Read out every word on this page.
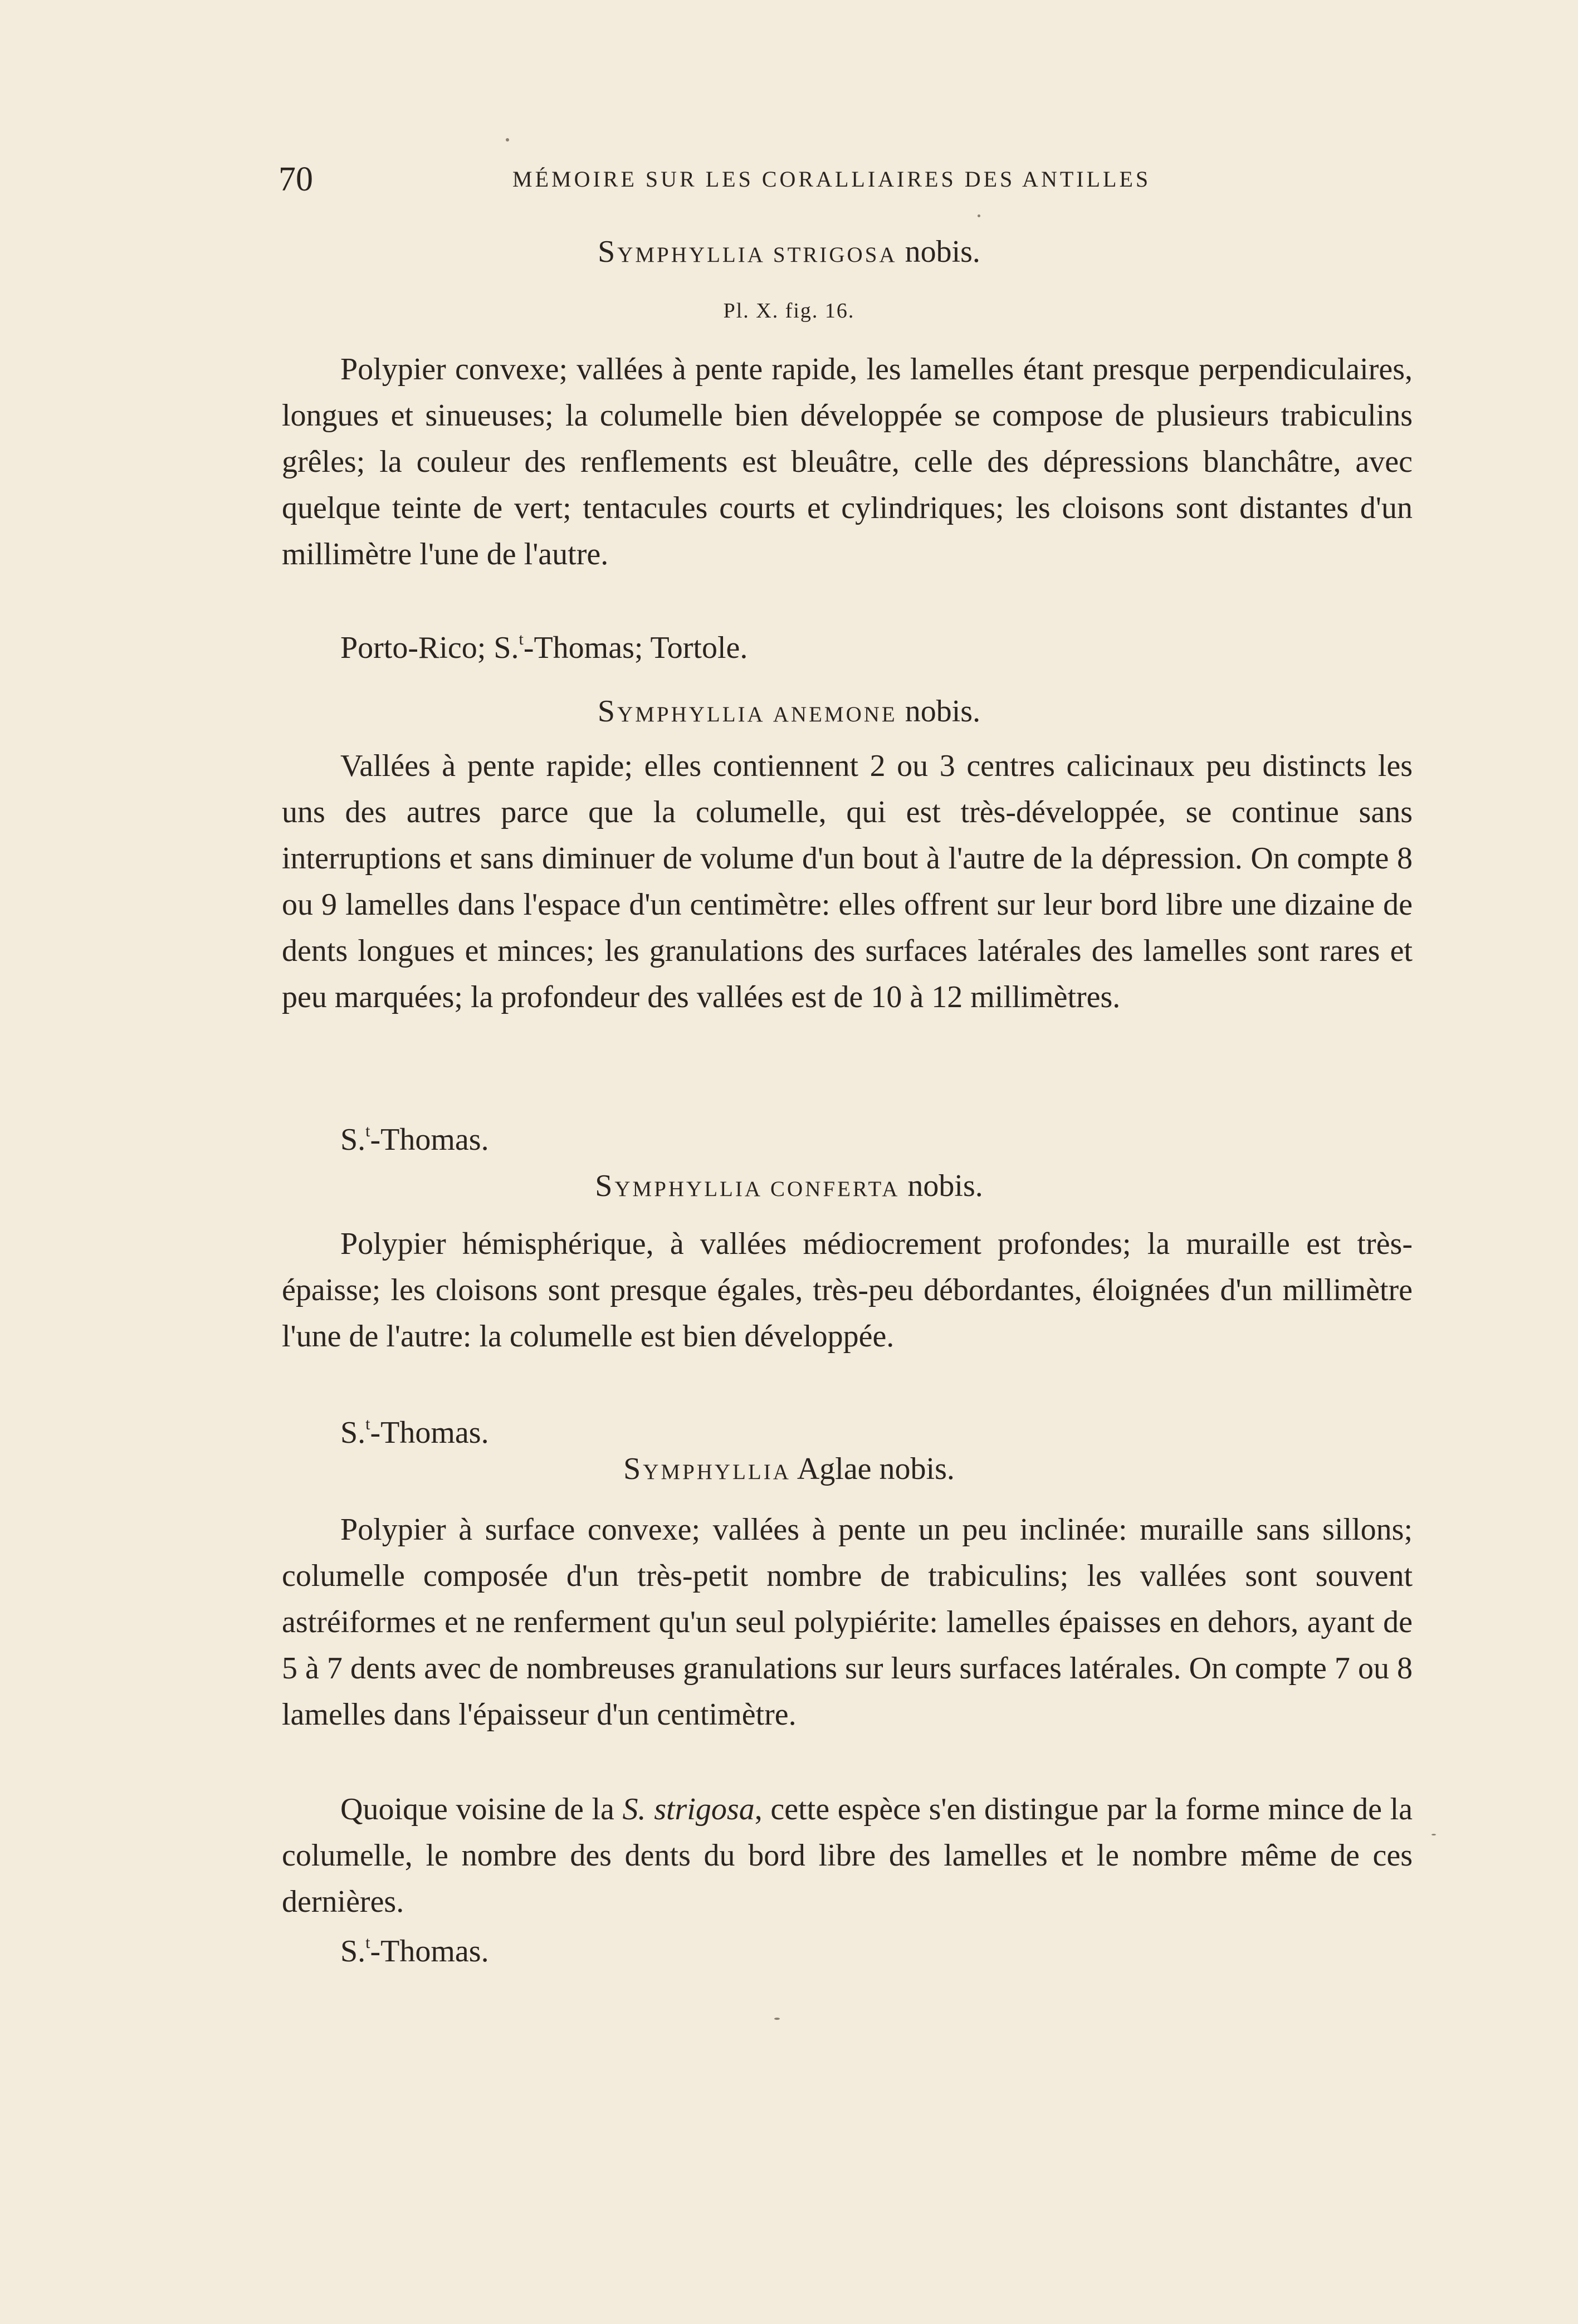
70	MÉMOIRE SUR LES CORALLIAIRES DES ANTILLES
Symphyllia strigosa nobis.
Pl. X. fig. 16.
Polypier convexe; vallées à pente rapide, les lamelles étant presque perpendiculaires, longues et sinueuses; la columelle bien développée se compose de plusieurs trabiculins grêles; la couleur des renflements est bleuâtre, celle des dépressions blanchâtre, avec quelque teinte de vert; tentacules courts et cylindriques; les cloisons sont distantes d'un millimètre l'une de l'autre.
Porto-Rico; S.$^t$-Thomas; Tortole.
Symphyllia anemone nobis.
Vallées à pente rapide; elles contiennent 2 ou 3 centres calicinaux peu distincts les uns des autres parce que la columelle, qui est très-développée, se continue sans interruptions et sans diminuer de volume d'un bout à l'autre de la dépression. On compte 8 ou 9 lamelles dans l'espace d'un centimètre: elles offrent sur leur bord libre une dizaine de dents longues et minces; les granulations des surfaces latérales des lamelles sont rares et peu marquées; la profondeur des vallées est de 10 à 12 millimètres.
S.$^t$-Thomas.
Symphyllia conferta nobis.
Polypier hémisphérique, à vallées médiocrement profondes; la muraille est très-épaisse; les cloisons sont presque égales, très-peu débordantes, éloignées d'un millimètre l'une de l'autre: la columelle est bien développée.
S.$^t$-Thomas.
Symphyllia Aglae nobis.
Polypier à surface convexe; vallées à pente un peu inclinée: muraille sans sillons; columelle composée d'un très-petit nombre de trabiculins; les vallées sont souvent astréiformes et ne renferment qu'un seul polypiérite: lamelles épaisses en dehors, ayant de 5 à 7 dents avec de nombreuses granulations sur leurs surfaces latérales. On compte 7 ou 8 lamelles dans l'épaisseur d'un centimètre.
Quoique voisine de la S. strigosa, cette espèce s'en distingue par la forme mince de la columelle, le nombre des dents du bord libre des lamelles et le nombre même de ces dernières.
S.$^t$-Thomas.
